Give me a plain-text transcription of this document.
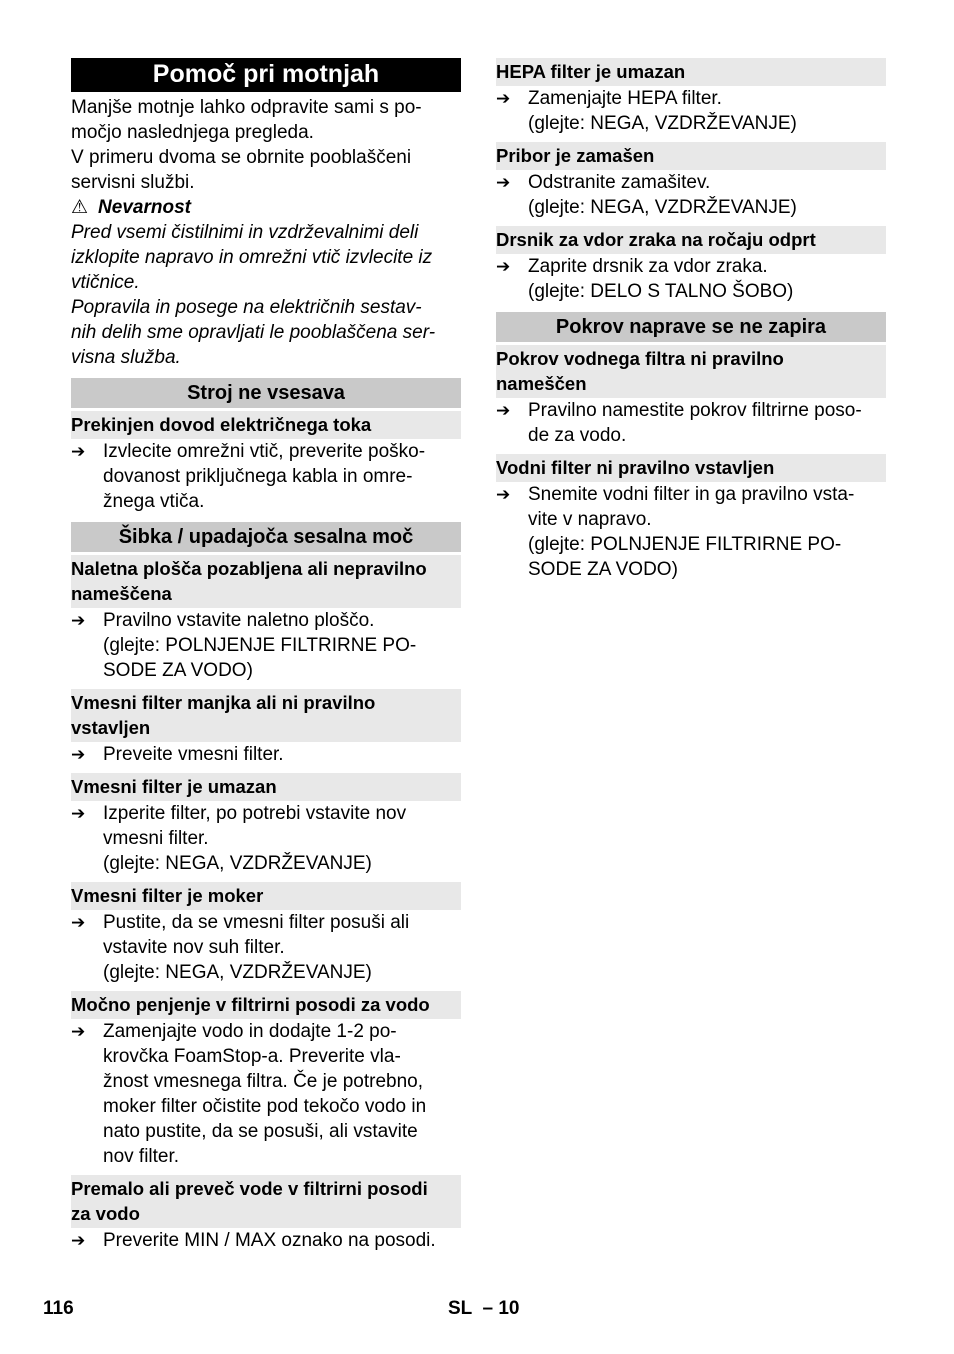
Pomoč pri motnjah

Manjše motnje lahko odpravite sami s po-
močjo naslednjega pregleda.

V primeru dvoma se obrnite pooblaščeni
servisni službi.

⚠ Nevarnost

Pred vsemi čistilnimi in vzdrževalnimi deli
izklopite napravo in omrežni vtič izvlecite iz
vtičnice.

Popravila in posege na električnih sestav-
nih delih sme opravljati le pooblaščena ser-
visna služba.

Stroj ne vsesava
Prekinjen dovod električnega toka
➔ Izvlecite omrežni vtič, preverite poško-
dovanost priključnega kabla in omre-
žnega vtiča.
Šibka / upadajoča sesalna moč
Naletna plošča pozabljena ali nepravilno
nameščena
➔ Pravilno vstavite naletno ploščo.
(glejte: POLNJENJE FILTRIRNE PO-
SODE ZA VODO)
Vmesni filter manjka ali ni pravilno
vstavljen
➔ Preveite vmesni filter.
Vmesni filter je umazan
➔ Izperite filter, po potrebi vstavite nov
vmesni filter.
(glejte: NEGA, VZDRŽEVANJE)
Vmesni filter je moker
➔ Pustite, da se vmesni filter posuši ali
vstavite nov suh filter.
(glejte: NEGA, VZDRŽEVANJE)
Močno penjenje v filtrirni posodi za vodo
➔ Zamenjajte vodo in dodajte 1-2 po-
krovčka FoamStop-a. Preverite vla-
žnost vmesnega filtra. Če je potrebno,
moker filter očistite pod tekočo vodo in
nato pustite, da se posuši, ali vstavite
nov filter.
Premalo ali preveč vode v filtrirni posodi
za vodo
➔ Preverite MIN / MAX oznako na posodi.
HEPA filter je umazan
➔ Zamenjajte HEPA filter.
(glejte: NEGA, VZDRŽEVANJE)
Pribor je zamašen
➔ Odstranite zamašitev.
(glejte: NEGA, VZDRŽEVANJE)
Drsnik za vdor zraka na ročaju odprt
➔ Zaprite drsnik za vdor zraka.
(glejte: DELO S TALNO ŠOBO)
Pokrov naprave se ne zapira
Pokrov vodnega filtra ni pravilno
nameščen
➔ Pravilno namestite pokrov filtrirne poso-
de za vodo.
Vodni filter ni pravilno vstavljen
➔ Snemite vodni filter in ga pravilno vsta-
vite v napravo.
(glejte: POLNJENJE FILTRIRNE PO-
SODE ZA VODO)
116	SL  – 10
